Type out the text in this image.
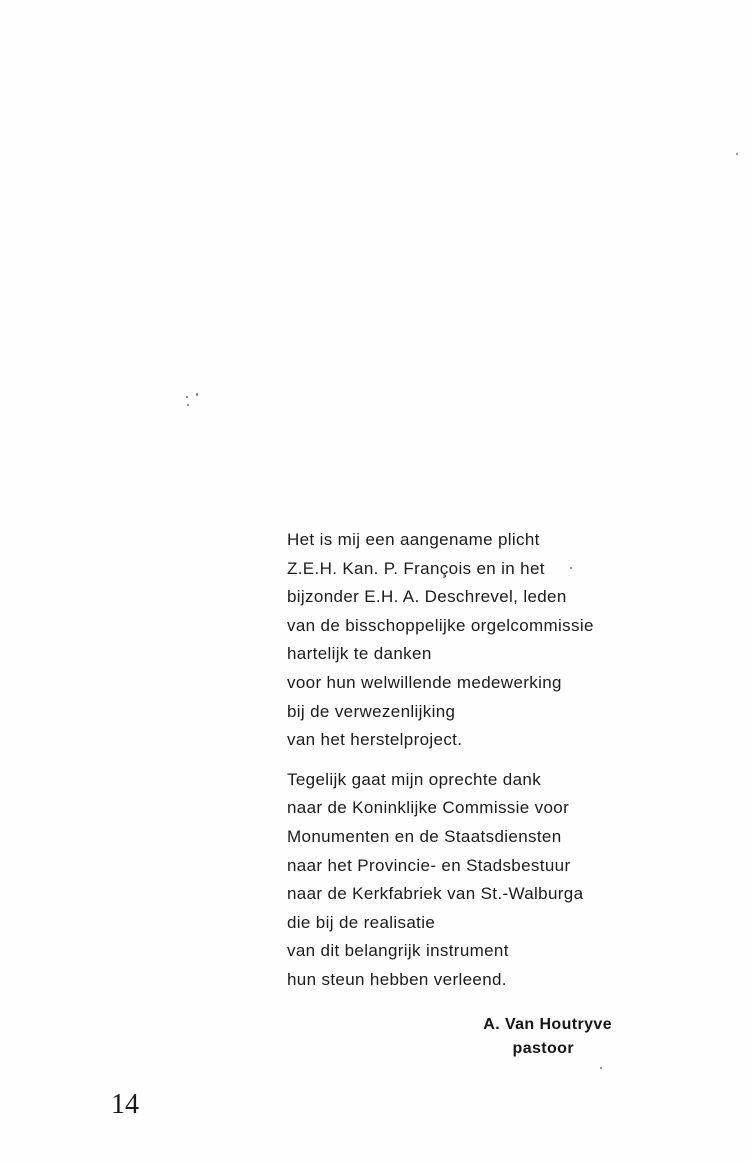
Het is mij een aangename plicht
Z.E.H. Kan. P. François en in het
bijzonder E.H. A. Deschrevel, leden
van de bisschoppelijke orgelcommissie
hartelijk te danken
voor hun welwillende medewerking
bij de verwezenlijking
van het herstelproject.

Tegelijk gaat mijn oprechte dank
naar de Koninklijke Commissie voor
Monumenten en de Staatsdiensten
naar het Provincie- en Stadsbestuur
naar de Kerkfabriek van St.-Walburga
die bij de realisatie
van dit belangrijk instrument
hun steun hebben verleend.

A. Van Houtryve
pastoor
14
